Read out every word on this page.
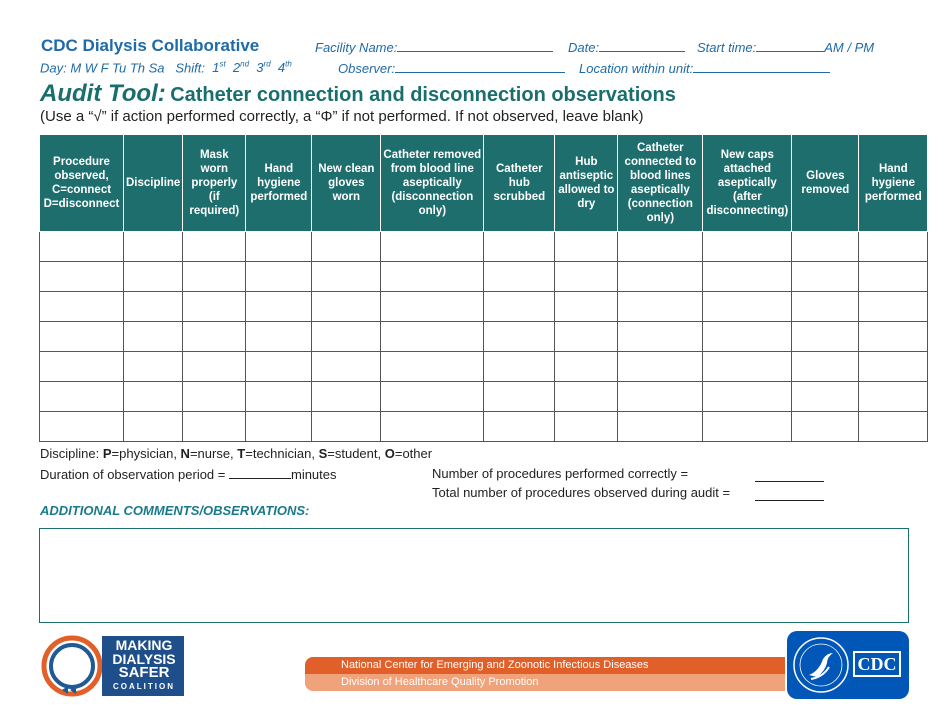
CDC Dialysis Collaborative	Facility Name:	Date:	Start time:	AM / PM
Day: M W F Tu Th Sa Shift: 1st 2nd 3rd 4th	Observer:	Location within unit:
Audit Tool: Catheter connection and disconnection observations
(Use a “√” if action performed correctly, a “Φ” if not performed. If not observed, leave blank)
Procedure observed, C=connect D=disconnect	Discipline	Mask worn properly (if required)	Hand hygiene performed	New clean gloves worn	Catheter removed from blood line aseptically (disconnection only)	Catheter hub scrubbed	Hub antiseptic allowed to dry	Catheter connected to blood lines aseptically (connection only)	New caps attached aseptically (after disconnecting)	Gloves removed	Hand hygiene performed

Discipline: P=physician, N=nurse, T=technician, S=student, O=other
Duration of observation period =	minutes	Number of procedures performed correctly =
Total number of procedures observed during audit =
ADDITIONAL COMMENTS/OBSERVATIONS:
MAKING
DIALYSIS
SAFER
COALITION
National Center for Emerging and Zoonotic Infectious Diseases
Division of Healthcare Quality Promotion
CDC
